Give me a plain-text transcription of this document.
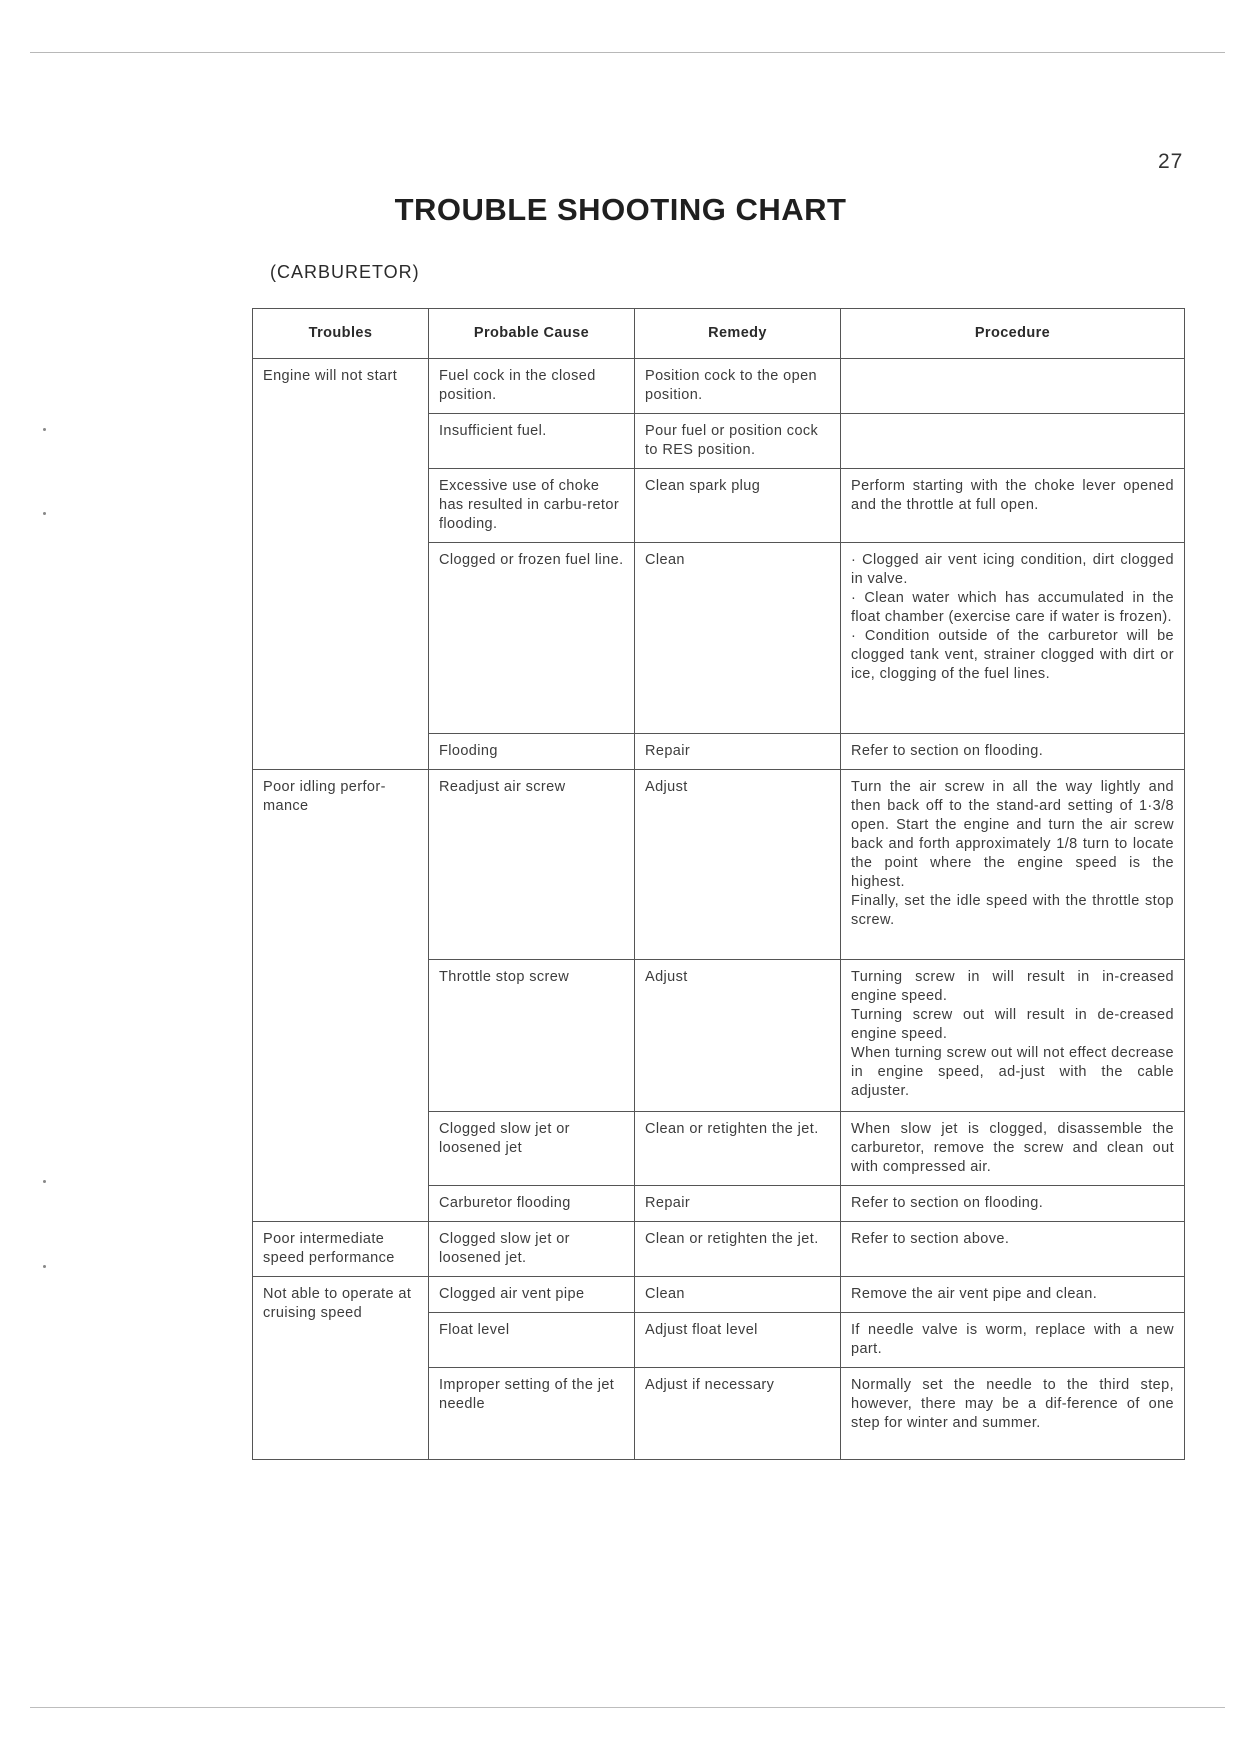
27
TROUBLE SHOOTING CHART
(CARBURETOR)
Troubles	Probable Cause	Remedy	Procedure
Engine will not start	Fuel cock in the closed position.	Position cock to the open position.	
	Insufficient fuel.	Pour fuel or position cock to RES position.	
	Excessive use of choke has resulted in carbu-retor flooding.	Clean spark plug	Perform starting with the choke lever opened and the throttle at full open.
	Clogged or frozen fuel line.	Clean	· Clogged air vent icing condition, dirt clogged in valve.
· Clean water which has accumulated in the float chamber (exercise care if water is frozen).
· Condition outside of the carburetor will be clogged tank vent, strainer clogged with dirt or ice, clogging of the fuel lines.
	Flooding	Repair	Refer to section on flooding.
Poor idling perfor-mance	Readjust air screw	Adjust	Turn the air screw in all the way lightly and then back off to the stand-ard setting of 1·3/8 open. Start the engine and turn the air screw back and forth approximately 1/8 turn to locate the point where the engine speed is the highest.
Finally, set the idle speed with the throttle stop screw.
	Throttle stop screw	Adjust	Turning screw in will result in in-creased engine speed.
Turning screw out will result in de-creased engine speed.
When turning screw out will not effect decrease in engine speed, ad-just with the cable adjuster.
	Clogged slow jet or loosened jet	Clean or retighten the jet.	When slow jet is clogged, disassemble the carburetor, remove the screw and clean out with compressed air.
	Carburetor flooding	Repair	Refer to section on flooding.
Poor intermediate speed performance	Clogged slow jet or loosened jet.	Clean or retighten the jet.	Refer to section above.
Not able to operate at cruising speed	Clogged air vent pipe	Clean	Remove the air vent pipe and clean.
	Float level	Adjust float level	If needle valve is worm, replace with a new part.
	Improper setting of the jet needle	Adjust if necessary	Normally set the needle to the third step, however, there may be a dif-ference of one step for winter and summer.
